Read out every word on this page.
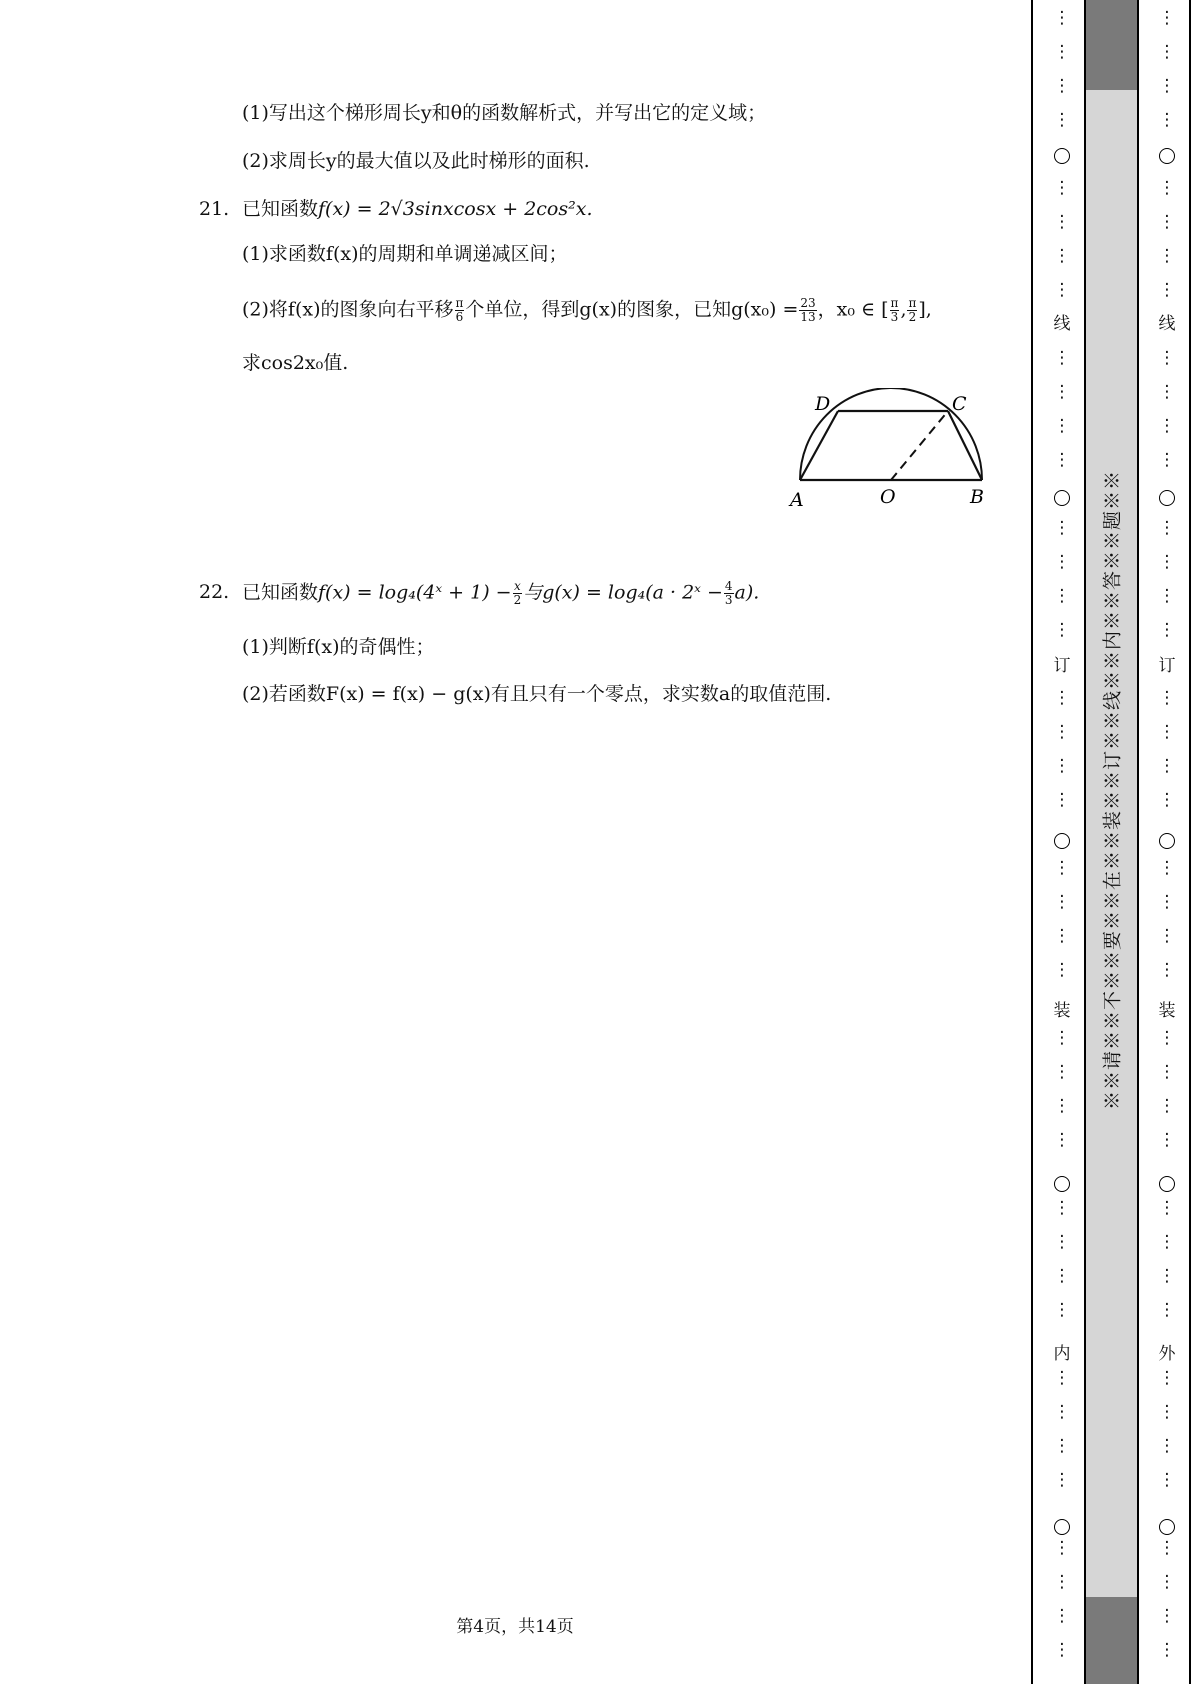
(1)写出这个梯形周长y和θ的函数解析式，并写出它的定义域；
(2)求周长y的最大值以及此时梯形的面积.
21. 已知函数f(x) = 2√3sinxcosx + 2cos²x.
(1)求函数f(x)的周期和单调递减区间；
(2)将f(x)的图象向右平移 $\frac{\pi}{6}$ 个单位，得到g(x)的图象，已知$g(x_0) = \frac{23}{13}$ ，x₀ ∈ [ $\frac{\pi}{3}$ , $\frac{\pi}{2}$ ],
求cos2x₀值.
D	C
A	O	B
22. 已知函数f(x) = log₄(4ˣ + $1) - \frac{x}{2}$ 与g(x) = log₄(a · 2ˣ − $\frac{4}{3} a$).
(1)判断f(x)的奇偶性；
(2)若函数F(x) = f(x) − g(x)有且只有一个零点，求实数a的取值范围.
第4页，共14页
※※请※※不※※要※※在※※装※※订※※线※※内※※答※※题※※
线
订
装
内
⋮
⋮
⋮
⋮
⋮
⋮
⋮
⋮
⋮
⋮
⋮
⋮
⋮
⋮
⋮
⋮
⋮
⋮
⋮
⋮
⋮
⋮
⋮
⋮
⋮
⋮
⋮
⋮
⋮
⋮
⋮
⋮
⋮
⋮
⋮
⋮
⋮
⋮
⋮
⋮
线
订
装
外
⋮
⋮
⋮
⋮
⋮
⋮
⋮
⋮
⋮
⋮
⋮
⋮
⋮
⋮
⋮
⋮
⋮
⋮
⋮
⋮
⋮
⋮
⋮
⋮
⋮
⋮
⋮
⋮
⋮
⋮
⋮
⋮
⋮
⋮
⋮
⋮
⋮
⋮
⋮
⋮
